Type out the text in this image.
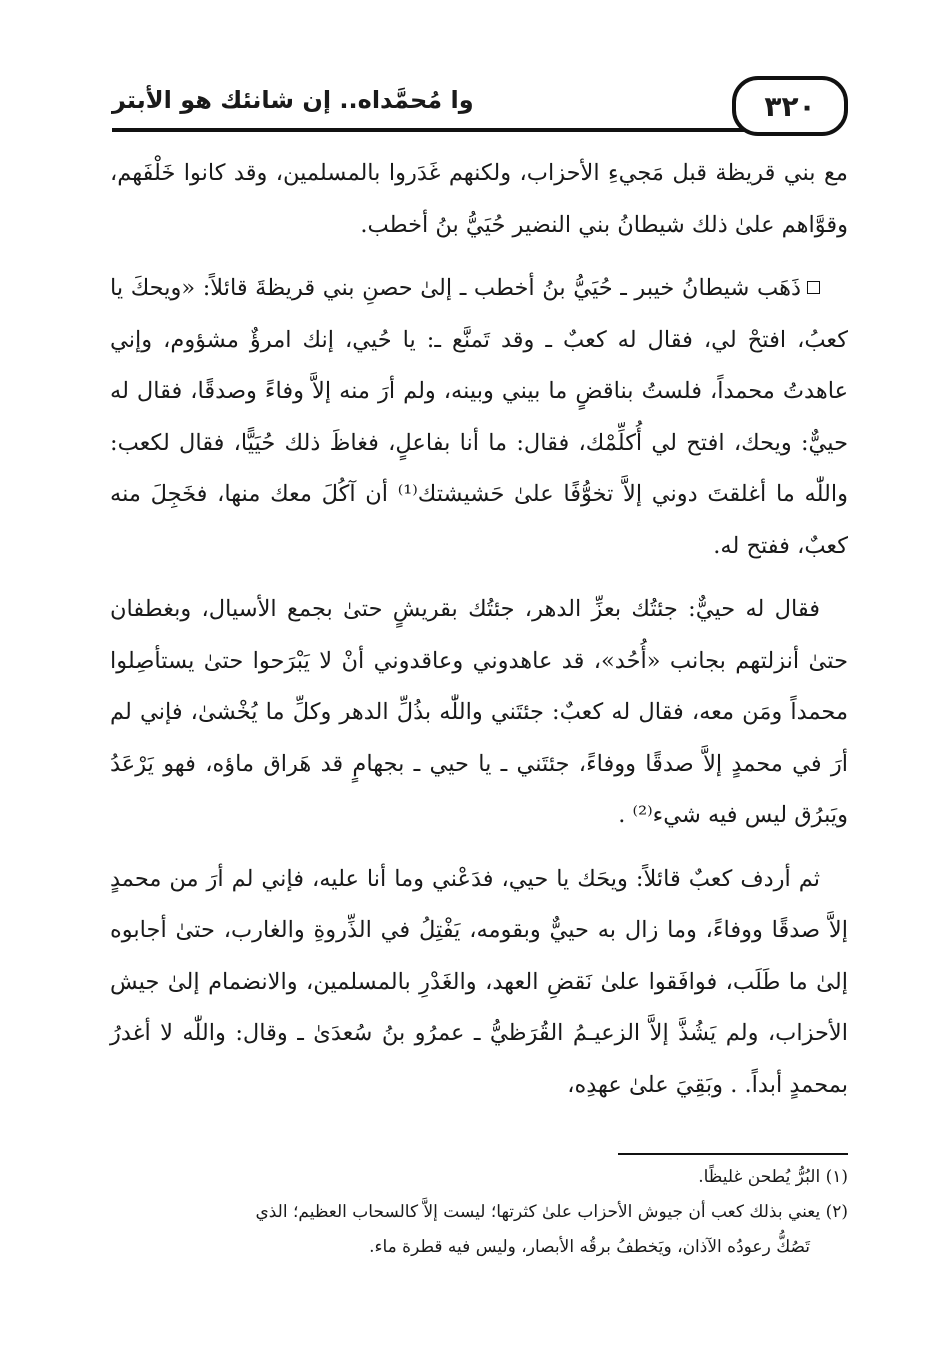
٣٢٠
وا مُحمَّداه.. إن شانئك هو الأبتر

مع بني قريظة قبل مَجيءِ الأحزاب، ولكنهم غَدَروا بالمسلمين، وقد كانوا خَلْفَهم، وقوَّاهم علىٰ ذلك شيطانُ بني النضير حُيَيُّ بنُ أخطب.

ذَهَب شيطانُ خيبر ـ حُيَيُّ بنُ أخطب ـ إلىٰ حصنِ بني قريظةَ قائلاً: «ويحكَ يا كعبُ، افتحْ لي، فقال له كعبٌ ـ وقد تَمنَّع ـ: يا حُيي، إنك امرؤٌ مشؤوم، وإني عاهدتُ محمداً، فلستُ بناقضٍ ما بيني وبينه، ولم أرَ منه إلاَّ وفاءً وصدقًا، فقال له حييٌّ: ويحك، افتح لي أُكلِّمْك، فقال: ما أنا بفاعلٍ، فغاظَ ذلك حُيَيًّا، فقال لكعب: واللّٰه ما أغلقتَ دوني إلاَّ تخوُّفًا علىٰ حَشيشتك⁽¹⁾ أن آكُلَ معك منها، فخَجِلَ منه كعبٌ، ففتح له.

فقال له حييٌّ: جئتُك بعزِّ الدهر، جئتُك بقريشٍ حتىٰ بجمع الأسيال، وبغطفان حتىٰ أنزلتهم بجانب «أُحُد»، قد عاهدوني وعاقدوني أنْ لا يَبْرَحوا حتىٰ يستأصِلوا محمداً ومَن معه، فقال له كعبٌ: جئتَني واللّٰه بذُلِّ الدهر وكلِّ ما يُخْشىٰ، فإني لم أرَ في محمدٍ إلاَّ صدقًا ووفاءً، جئتَني ـ يا حيي ـ بجهامٍ قد هَراق ماؤه، فهو يَرْعَدُ ويَبرُق ليس فيه شيء⁽²⁾ .

ثم أردف كعبٌ قائلاً: ويحَك يا حيي، فدَعْني وما أنا عليه، فإني لم أرَ من محمدٍ إلاَّ صدقًا ووفاءً، وما زال به حييٌّ وبقومه، يَفْتِلُ في الذِّروةِ والغارب، حتىٰ أجابوه إلىٰ ما طَلَب، فوافَقوا علىٰ نَقضِ العهد، والغَدْرِ بالمسلمين، والانضمام إلىٰ جيش الأحزاب، ولم يَشُذَّ إلاَّ الزعيـمُ القُرَظيُّ ـ عمرُو بنُ سُعدَىٰ ـ وقال: واللّٰه لا أغدرُ بمحمدٍ أبداً. . وبَقِيَ علىٰ عهدِه،

(١) البُرُّ يُطحن غليظًا.

(٢) يعني بذلك كعب أن جيوش الأحزاب علىٰ كثرتها؛ ليست إلاَّ كالسحاب العظيم؛ الذي

تَصُكُّ رعودُه الآذان، ويَخطفُ برقُه الأبصار، وليس فيه قطرة ماء.
